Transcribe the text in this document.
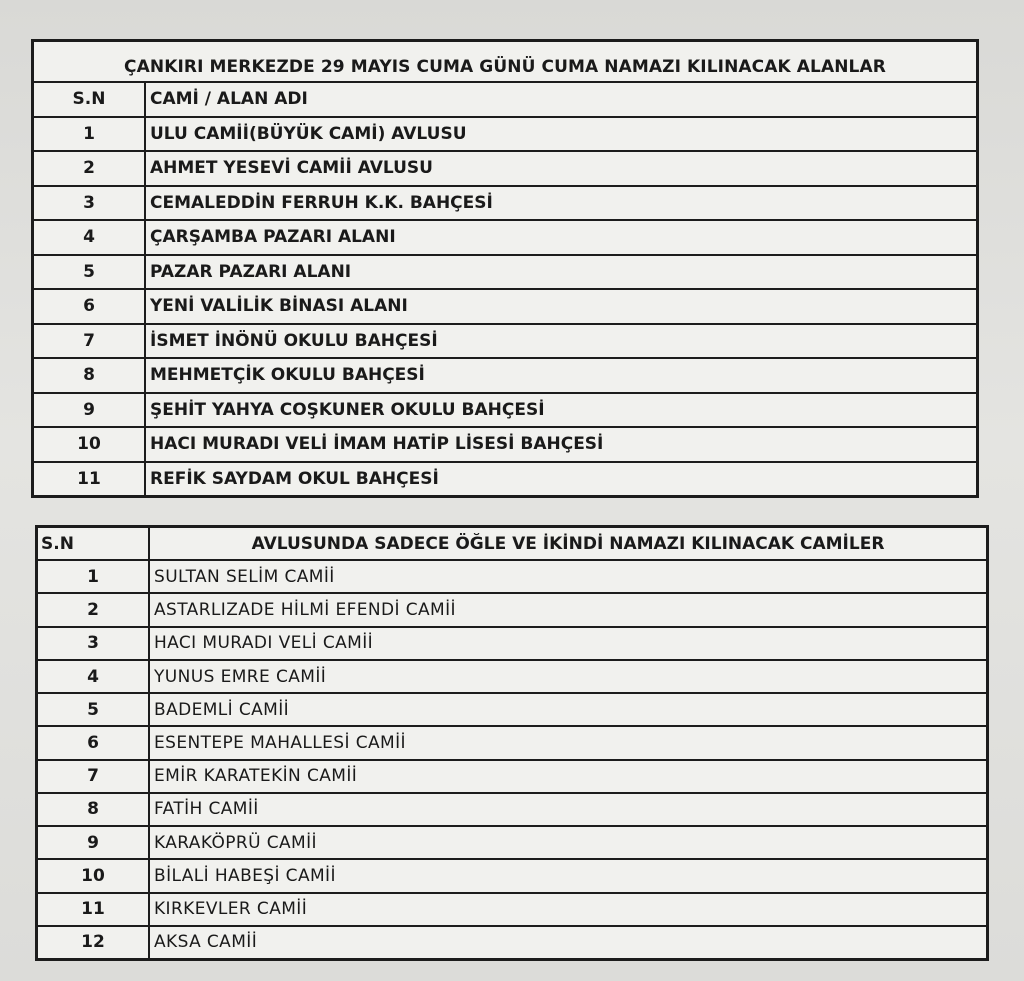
ÇANKIRI MERKEZDE 29 MAYIS CUMA GÜNÜ CUMA NAMAZI KILINACAK ALANLAR
S.N	CAMİ / ALAN ADI
1	ULU CAMİİ(BÜYÜK CAMİ) AVLUSU
2	AHMET YESEVİ CAMİİ AVLUSU
3	CEMALEDDİN FERRUH K.K. BAHÇESİ
4	ÇARŞAMBA PAZARI ALANI
5	PAZAR PAZARI ALANI
6	YENİ VALİLİK BİNASI ALANI
7	İSMET İNÖNÜ OKULU BAHÇESİ
8	MEHMETÇİK OKULU BAHÇESİ
9	ŞEHİT YAHYA COŞKUNER OKULU BAHÇESİ
10	HACI MURADI VELİ İMAM HATİP LİSESİ BAHÇESİ
11	REFİK SAYDAM OKUL BAHÇESİ
S.N	AVLUSUNDA SADECE ÖĞLE VE İKİNDİ NAMAZI KILINACAK CAMİLER
1	SULTAN SELİM CAMİİ
2	ASTARLIZADE HİLMİ EFENDİ CAMİİ
3	HACI MURADI VELİ CAMİİ
4	YUNUS EMRE CAMİİ
5	BADEMLİ CAMİİ
6	ESENTEPE MAHALLESİ CAMİİ
7	EMİR KARATEKİN CAMİİ
8	FATİH CAMİİ
9	KARAKÖPRÜ CAMİİ
10	BİLALİ HABEŞİ CAMİİ
11	KIRKEVLER CAMİİ
12	AKSA CAMİİ
